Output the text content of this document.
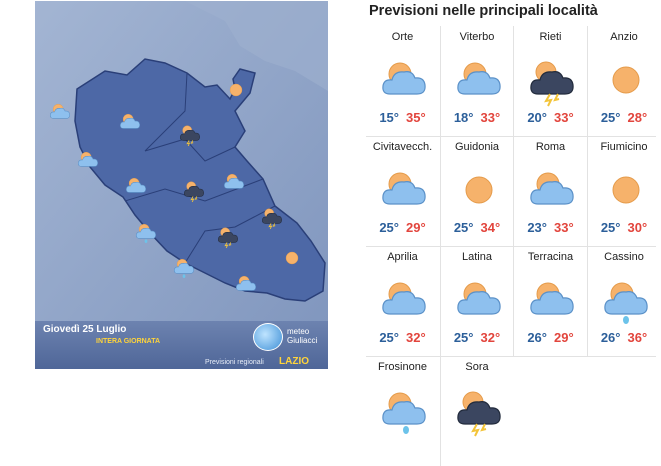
Giovedì 25 Luglio
INTERA GIORNATA
meteo
Giuliacci
Previsioni regionali LAZIO
Previsioni nelle principali località
Orte
15° 35°
Viterbo
18° 33°
Rieti
20° 33°
Anzio
25° 28°
Civitavecch.
25° 29°
Guidonia
25° 34°
Roma
23° 33°
Fiumicino
25° 30°
Aprilia
25° 32°
Latina
25° 32°
Terracina
26° 29°
Cassino
26° 36°
Frosinone	Sora
